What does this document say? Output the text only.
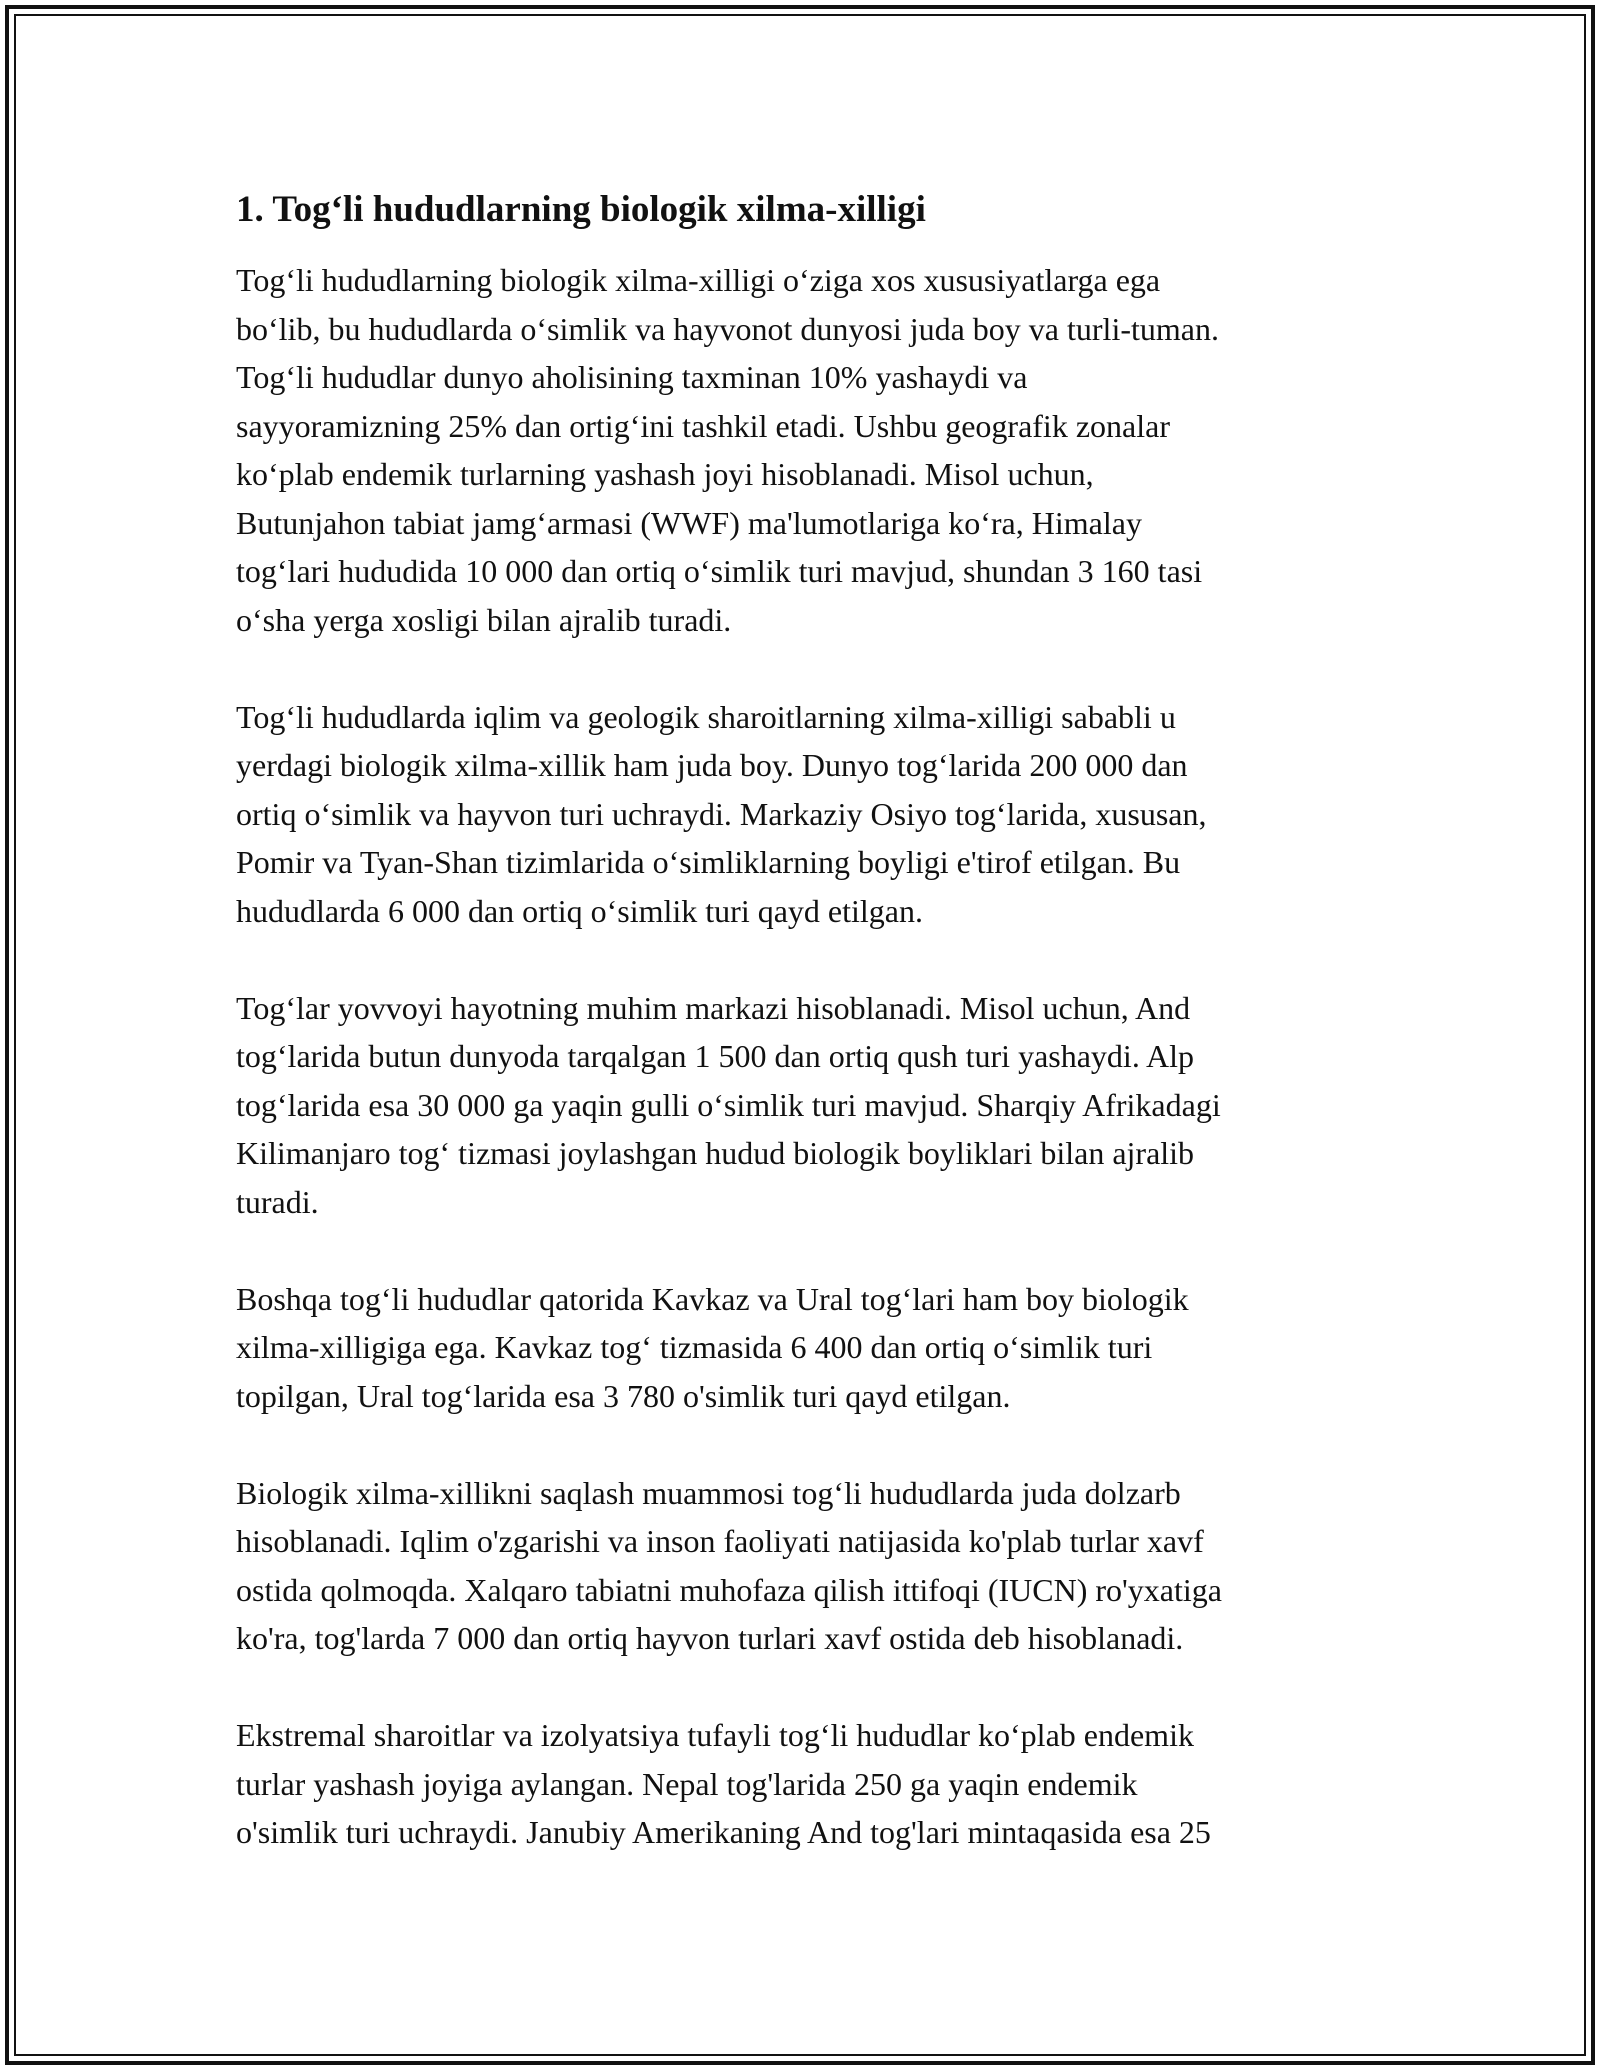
1. Tog‘li hududlarning biologik xilma-xilligi

Tog‘li hududlarning biologik xilma-xilligi o‘ziga xos xususiyatlarga ega
bo‘lib, bu hududlarda o‘simlik va hayvonot dunyosi juda boy va turli-tuman.
Tog‘li hududlar dunyo aholisining taxminan 10% yashaydi va
sayyoramizning 25% dan ortig‘ini tashkil etadi. Ushbu geografik zonalar
ko‘plab endemik turlarning yashash joyi hisoblanadi. Misol uchun,
Butunjahon tabiat jamg‘armasi (WWF) ma'lumotlariga ko‘ra, Himalay
tog‘lari hududida 10 000 dan ortiq o‘simlik turi mavjud, shundan 3 160 tasi
o‘sha yerga xosligi bilan ajralib turadi.

Tog‘li hududlarda iqlim va geologik sharoitlarning xilma-xilligi sababli u
yerdagi biologik xilma-xillik ham juda boy. Dunyo tog‘larida 200 000 dan
ortiq o‘simlik va hayvon turi uchraydi. Markaziy Osiyo tog‘larida, xususan,
Pomir va Tyan-Shan tizimlarida o‘simliklarning boyligi e'tirof etilgan. Bu
hududlarda 6 000 dan ortiq o‘simlik turi qayd etilgan.

Tog‘lar yovvoyi hayotning muhim markazi hisoblanadi. Misol uchun, And
tog‘larida butun dunyoda tarqalgan 1 500 dan ortiq qush turi yashaydi. Alp
tog‘larida esa 30 000 ga yaqin gulli o‘simlik turi mavjud. Sharqiy Afrikadagi
Kilimanjaro tog‘ tizmasi joylashgan hudud biologik boyliklari bilan ajralib
turadi.

Boshqa tog‘li hududlar qatorida Kavkaz va Ural tog‘lari ham boy biologik
xilma-xilligiga ega. Kavkaz tog‘ tizmasida 6 400 dan ortiq o‘simlik turi
topilgan, Ural tog‘larida esa 3 780 o'simlik turi qayd etilgan.

Biologik xilma-xillikni saqlash muammosi tog‘li hududlarda juda dolzarb
hisoblanadi. Iqlim o'zgarishi va inson faoliyati natijasida ko'plab turlar xavf
ostida qolmoqda. Xalqaro tabiatni muhofaza qilish ittifoqi (IUCN) ro'yxatiga
ko'ra, tog'larda 7 000 dan ortiq hayvon turlari xavf ostida deb hisoblanadi.

Ekstremal sharoitlar va izolyatsiya tufayli tog‘li hududlar ko‘plab endemik
turlar yashash joyiga aylangan. Nepal tog'larida 250 ga yaqin endemik
o'simlik turi uchraydi. Janubiy Amerikaning And tog'lari mintaqasida esa 25
